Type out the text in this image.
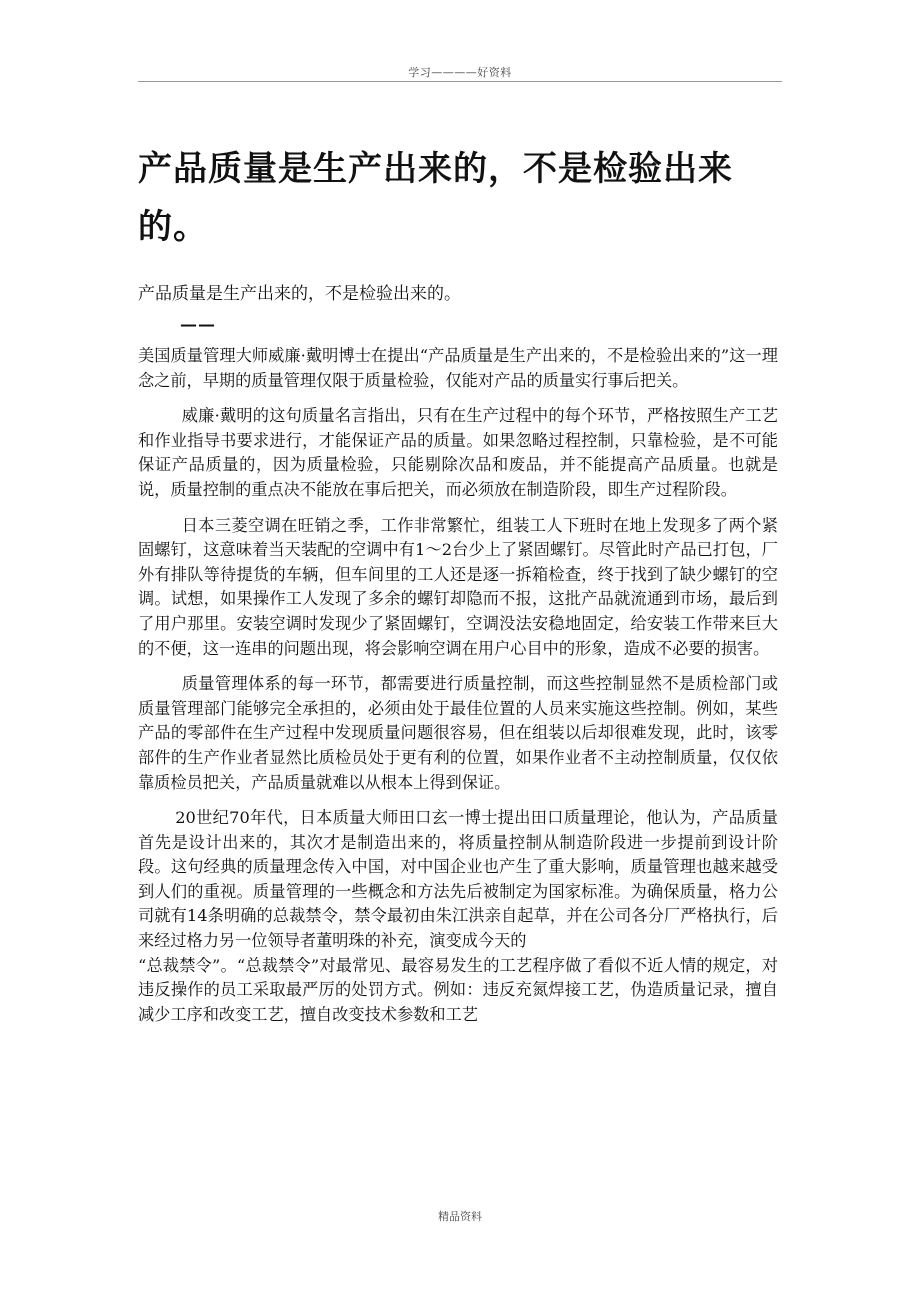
学习————好资料
产品质量是生产出来的，不是检验出来的。
产品质量是生产出来的，不是检验出来的。
——

美国质量管理大师威廉·戴明博士在提出“产品质量是生产出来的，不是检验出来的”这一理念之前，早期的质量管理仅限于质量检验，仅能对产品的质量实行事后把关。

威廉·戴明的这句质量名言指出，只有在生产过程中的每个环节，严格按照生产工艺和作业指导书要求进行，才能保证产品的质量。如果忽略过程控制，只靠检验，是不可能保证产品质量的，因为质量检验，只能剔除次品和废品，并不能提高产品质量。也就是说，质量控制的重点决不能放在事后把关，而必须放在制造阶段，即生产过程阶段。

日本三菱空调在旺销之季，工作非常繁忙，组装工人下班时在地上发现多了两个紧固螺钉，这意味着当天装配的空调中有1～2台少上了紧固螺钉。尽管此时产品已打包，厂外有排队等待提货的车辆，但车间里的工人还是逐一拆箱检查，终于找到了缺少螺钉的空调。试想，如果操作工人发现了多余的螺钉却隐而不报，这批产品就流通到市场，最后到了用户那里。安装空调时发现少了紧固螺钉，空调没法安稳地固定，给安装工作带来巨大的不便，这一连串的问题出现，将会影响空调在用户心目中的形象，造成不必要的损害。

质量管理体系的每一环节，都需要进行质量控制，而这些控制显然不是质检部门或质量管理部门能够完全承担的，必须由处于最佳位置的人员来实施这些控制。例如，某些产品的零部件在生产过程中发现质量问题很容易，但在组装以后却很难发现，此时，该零部件的生产作业者显然比质检员处于更有利的位置，如果作业者不主动控制质量，仅仅依靠质检员把关，产品质量就难以从根本上得到保证。

20世纪70年代，日本质量大师田口玄一博士提出田口质量理论，他认为，产品质量首先是设计出来的，其次才是制造出来的，将质量控制从制造阶段进一步提前到设计阶段。这句经典的质量理念传入中国，对中国企业也产生了重大影响，质量管理也越来越受到人们的重视。质量管理的一些概念和方法先后被制定为国家标准。为确保质量，格力公司就有14条明确的总裁禁令，禁令最初由朱江洪亲自起草，并在公司各分厂严格执行，后来经过格力另一位领导者董明珠的补充，演变成今天的

“总裁禁令”。“总裁禁令”对最常见、最容易发生的工艺程序做了看似不近人情的规定，对违反操作的员工采取最严厉的处罚方式。例如：违反充氮焊接工艺，伪造质量记录，擅自减少工序和改变工艺，擅自改变技术参数和工艺

精品资料
